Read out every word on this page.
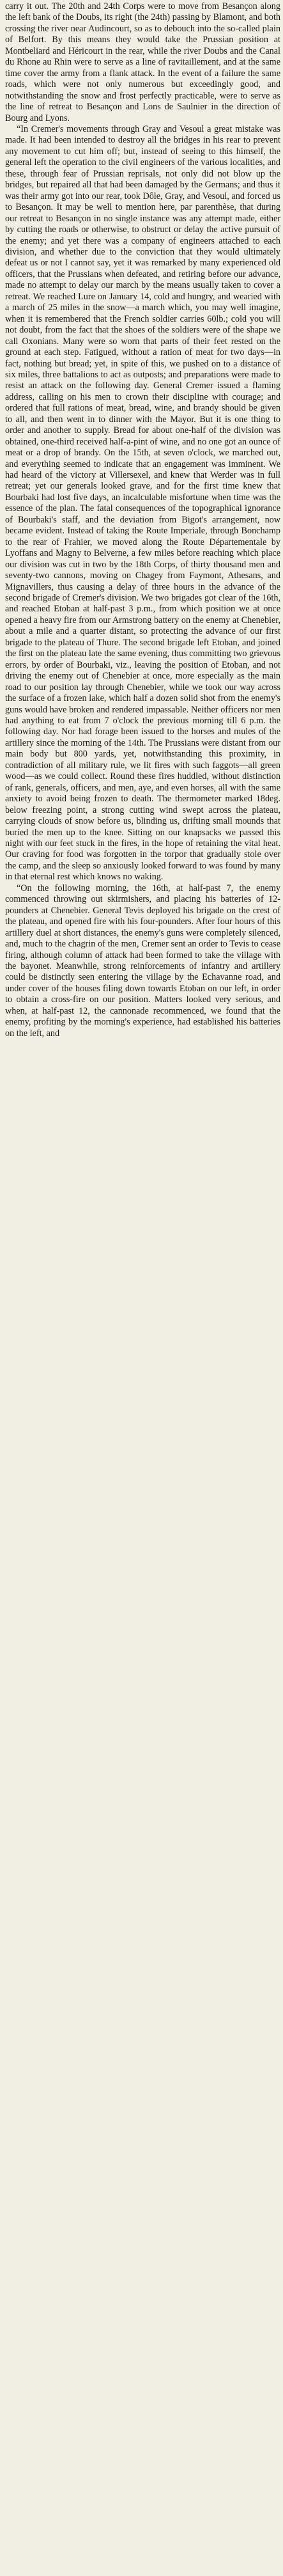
carry it out. The 20th and 24th Corps were to move from Besançon along the left bank of the Doubs, its right (the 24th) passing by Blamont, and both crossing the river near Audincourt, so as to debouch into the so-called plain of Belfort. By this means they would take the Prussian position at Montbeliard and Héricourt in the rear, while the river Doubs and the Canal du Rhone au Rhin were to serve as a line of ravitaillement, and at the same time cover the army from a flank attack. In the event of a failure the same roads, which were not only numerous but exceedingly good, and notwithstanding the snow and frost perfectly practicable, were to serve as the line of retreat to Besançon and Lons de Saulnier in the direction of Bourg and Lyons.

“In Cremer's movements through Gray and Vesoul a great mistake was made. It had been intended to destroy all the bridges in his rear to prevent any movement to cut him off; but, instead of seeing to this himself, the general left the operation to the civil engineers of the various localities, and these, through fear of Prussian reprisals, not only did not blow up the bridges, but repaired all that had been damaged by the Germans; and thus it was their army got into our rear, took Dôle, Gray, and Vesoul, and forced us to Besançon. It may be well to mention here, par parenthèse, that during our retreat to Besançon in no single instance was any attempt made, either by cutting the roads or otherwise, to obstruct or delay the active pursuit of the enemy; and yet there was a company of engineers attached to each division, and whether due to the conviction that they would ultimately defeat us or not I cannot say, yet it was remarked by many experienced old officers, that the Prussians when defeated, and retiring before our advance, made no attempt to delay our march by the means usually taken to cover a retreat. We reached Lure on January 14, cold and hungry, and wearied with a march of 25 miles in the snow—a march which, you may well imagine, when it is remembered that the French soldier carries 60lb.; cold you will not doubt, from the fact that the shoes of the soldiers were of the shape we call Oxonians. Many were so worn that parts of their feet rested on the ground at each step. Fatigued, without a ration of meat for two days—in fact, nothing but bread; yet, in spite of this, we pushed on to a distance of six miles, three battalions to act as outposts; and preparations were made to resist an attack on the following day. General Cremer issued a flaming address, calling on his men to crown their discipline with courage; and ordered that full rations of meat, bread, wine, and brandy should be given to all, and then went in to dinner with the Mayor. But it is one thing to order and another to supply. Bread for about one-half of the division was obtained, one-third received half-a-pint of wine, and no one got an ounce of meat or a drop of brandy. On the 15th, at seven o'clock, we marched out, and everything seemed to indicate that an engagement was imminent. We had heard of the victory at Villersexel, and knew that Werder was in full retreat; yet our generals looked grave, and for the first time knew that Bourbaki had lost five days, an incalculable misfortune when time was the essence of the plan. The fatal consequences of the topographical ignorance of Bourbaki's staff, and the deviation from Bigot's arrangement, now became evident. Instead of taking the Route Imperiale, through Bonchamp to the rear of Frahier, we moved along the Route Départementale by Lyoffans and Magny to Belverne, a few miles before reaching which place our division was cut in two by the 18th Corps, of thirty thousand men and seventy-two cannons, moving on Chagey from Faymont, Athesans, and Mignavillers, thus causing a delay of three hours in the advance of the second brigade of Cremer's division. We two brigades got clear of the 16th, and reached Etoban at half-past 3 p.m., from which position we at once opened a heavy fire from our Armstrong battery on the enemy at Chenebier, about a mile and a quarter distant, so protecting the advance of our first brigade to the plateau of Thure. The second brigade left Etoban, and joined the first on the plateau late the same evening, thus committing two grievous errors, by order of Bourbaki, viz., leaving the position of Etoban, and not driving the enemy out of Chenebier at once, more especially as the main road to our position lay through Chenebier, while we took our way across the surface of a frozen lake, which half a dozen solid shot from the enemy's guns would have broken and rendered impassable. Neither officers nor men had anything to eat from 7 o'clock the previous morning till 6 p.m. the following day. Nor had forage been issued to the horses and mules of the artillery since the morning of the 14th. The Prussians were distant from our main body but 800 yards, yet, notwithstanding this proximity, in contradiction of all military rule, we lit fires with such faggots—all green wood—as we could collect. Round these fires huddled, without distinction of rank, generals, officers, and men, aye, and even horses, all with the same anxiety to avoid being frozen to death. The thermometer marked 18deg. below freezing point, a strong cutting wind swept across the plateau, carrying clouds of snow before us, blinding us, drifting small mounds that buried the men up to the knee. Sitting on our knapsacks we passed this night with our feet stuck in the fires, in the hope of retaining the vital heat. Our craving for food was forgotten in the torpor that gradually stole over the camp, and the sleep so anxiously looked forward to was found by many in that eternal rest which knows no waking.

“On the following morning, the 16th, at half-past 7, the enemy commenced throwing out skirmishers, and placing his batteries of 12-pounders at Chenebier. General Tevis deployed his brigade on the crest of the plateau, and opened fire with his four-pounders. After four hours of this artillery duel at short distances, the enemy's guns were completely silenced, and, much to the chagrin of the men, Cremer sent an order to Tevis to cease firing, although column of attack had been formed to take the village with the bayonet. Meanwhile, strong reinforcements of infantry and artillery could be distinctly seen entering the village by the Echavanne road, and under cover of the houses filing down towards Etoban on our left, in order to obtain a cross-fire on our position. Matters looked very serious, and when, at half-past 12, the cannonade recommenced, we found that the enemy, profiting by the morning's experience, had established his batteries on the left, and
